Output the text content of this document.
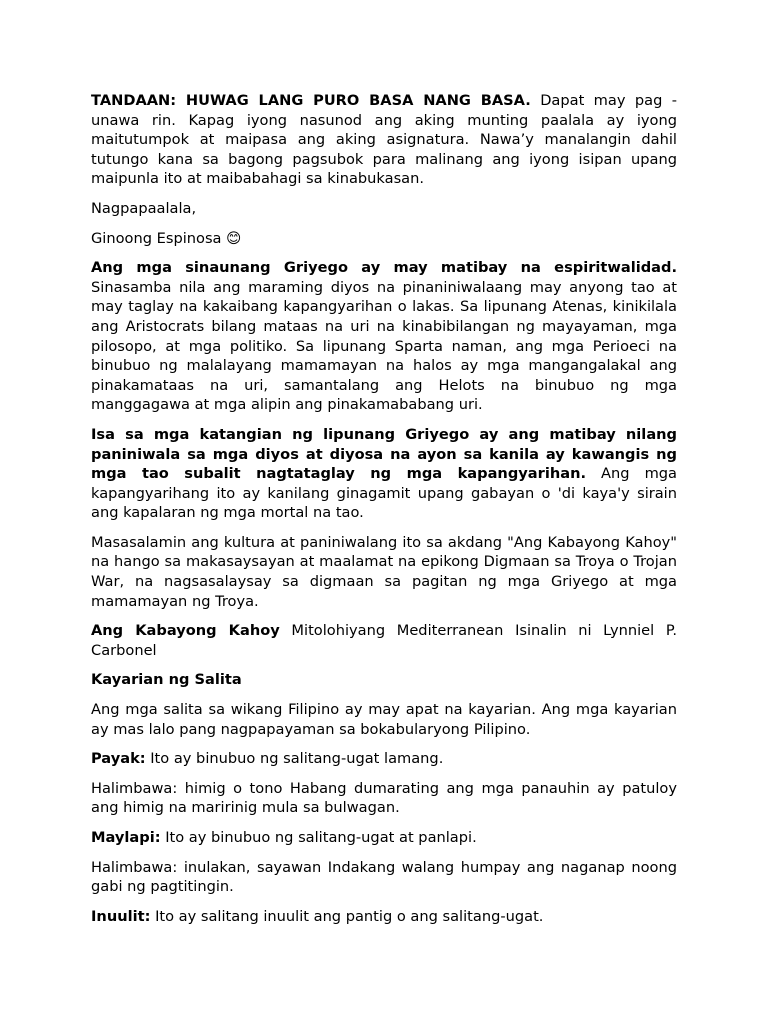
TANDAAN: HUWAG LANG PURO BASA NANG BASA. Dapat may pag - unawa rin. Kapag iyong nasunod ang aking munting paalala ay iyong maitutumpok at maipasa ang aking asignatura. Nawa’y manalangin dahil tutungo kana sa bagong pagsubok para malinang ang iyong isipan upang maipunla ito at maibabahagi sa kinabukasan.

Nagpapaalala,

Ginoong Espinosa 😊

Ang mga sinaunang Griyego ay may matibay na espiritwalidad. Sinasamba nila ang maraming diyos na pinaniniwalaang may anyong tao at may taglay na kakaibang kapangyarihan o lakas. Sa lipunang Atenas, kinikilala ang Aristocrats bilang mataas na uri na kinabibilangan ng mayayaman, mga pilosopo, at mga politiko. Sa lipunang Sparta naman, ang mga Perioeci na binubuo ng malalayang mamamayan na halos ay mga mangangalakal ang pinakamataas na uri, samantalang ang Helots na binubuo ng mga manggagawa at mga alipin ang pinakamababang uri.

Isa sa mga katangian ng lipunang Griyego ay ang matibay nilang paniniwala sa mga diyos at diyosa na ayon sa kanila ay kawangis ng mga tao subalit nagtataglay ng mga kapangyarihan. Ang mga kapangyarihang ito ay kanilang ginagamit upang gabayan o 'di kaya'y sirain ang kapalaran ng mga mortal na tao.

Masasalamin ang kultura at paniniwalang ito sa akdang "Ang Kabayong Kahoy" na hango sa makasaysayan at maalamat na epikong Digmaan sa Troya o Trojan War, na nagsasalaysay sa digmaan sa pagitan ng mga Griyego at mga mamamayan ng Troya.

Ang Kabayong Kahoy Mitolohiyang Mediterranean Isinalin ni Lynniel P. Carbonel

Kayarian ng Salita

Ang mga salita sa wikang Filipino ay may apat na kayarian. Ang mga kayarian ay mas lalo pang nagpapayaman sa bokabularyong Pilipino.

Payak: Ito ay binubuo ng salitang-ugat lamang.

Halimbawa: himig o tono Habang dumarating ang mga panauhin ay patuloy ang himig na maririnig mula sa bulwagan.

Maylapi: Ito ay binubuo ng salitang-ugat at panlapi.

Halimbawa: inulakan, sayawan Indakang walang humpay ang naganap noong gabi ng pagtitingin.

Inuulit: Ito ay salitang inuulit ang pantig o ang salitang-ugat.
